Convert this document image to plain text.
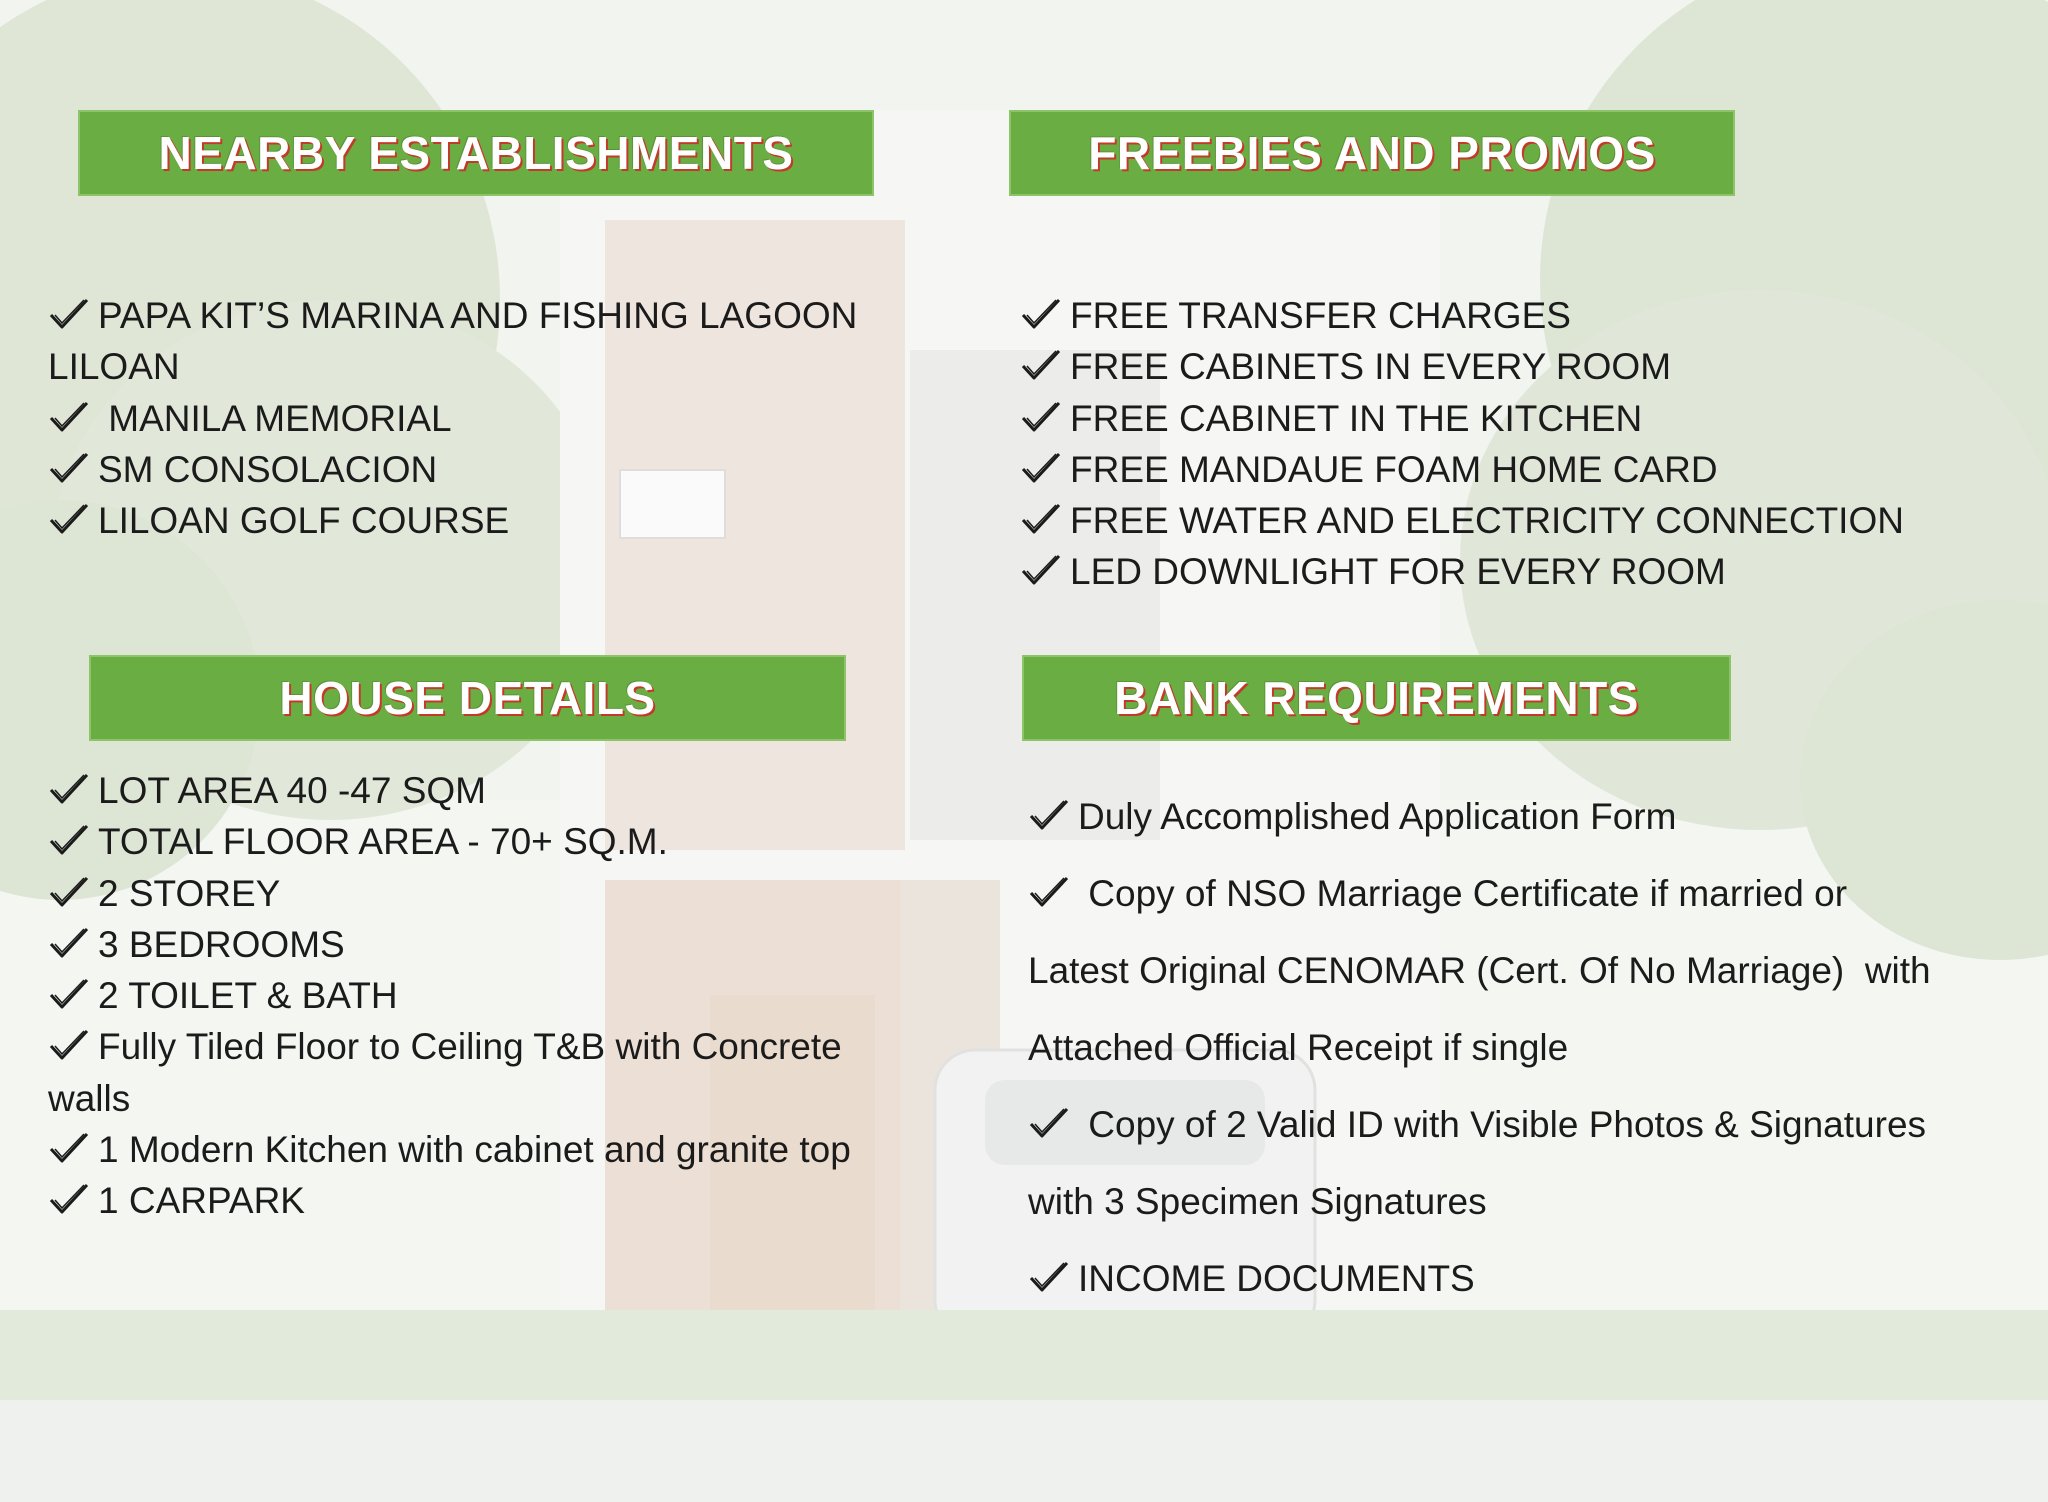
NEARBY ESTABLISHMENTS	FREEBIES AND PROMOS
HOUSE DETAILS	BANK REQUIREMENTS
PAPA KIT’S MARINA AND FISHING LAGOON LILOAN
MANILA MEMORIAL
SM CONSOLACION
LILOAN GOLF COURSE
FREE TRANSFER CHARGES
FREE CABINETS IN EVERY ROOM
FREE CABINET IN THE KITCHEN
FREE MANDAUE FOAM HOME CARD
FREE WATER AND ELECTRICITY CONNECTION
LED DOWNLIGHT FOR EVERY ROOM
LOT AREA 40 -47 SQM
TOTAL FLOOR AREA - 70+ SQ.M.
2 STOREY
3 BEDROOMS
2 TOILET & BATH
Fully Tiled Floor to Ceiling T&B with Concrete walls
1 Modern Kitchen with cabinet and granite top
1 CARPARK
Duly Accomplished Application Form
Copy of NSO Marriage Certificate if married or
Latest Original CENOMAR (Cert. Of No Marriage)  with
Attached Official Receipt if single
Copy of 2 Valid ID with Visible Photos & Signatures
with 3 Specimen Signatures
INCOME DOCUMENTS
